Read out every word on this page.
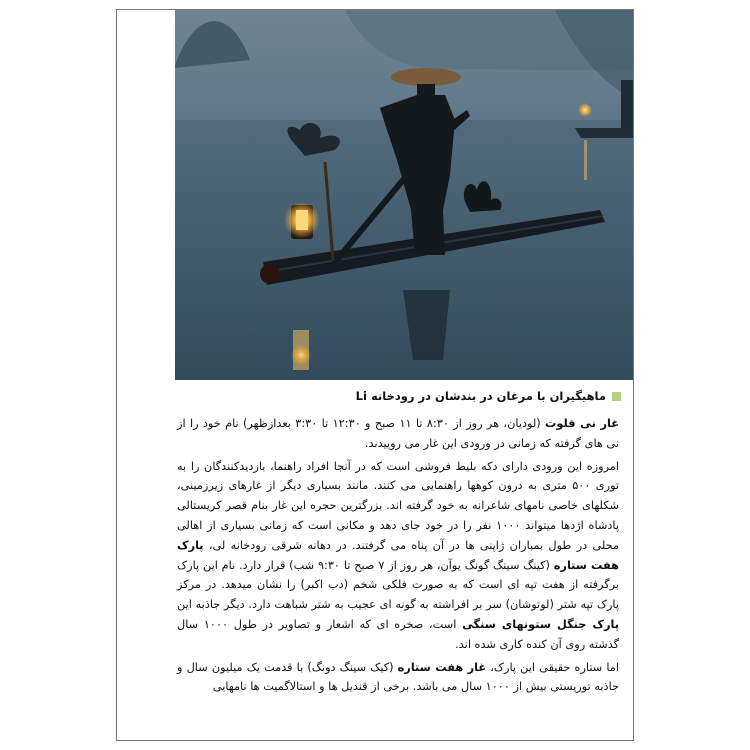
ماهیگیران با مرغان در بندشان در رودخانه Li

غار نی فلوت (لودیان، هر روز از ۸:۳۰ تا ۱۱ صبح و ۱۲:۳۰ تا ۳:۳۰ بعدازظهر) نام خود را از نی های گرفته که زمانی در ورودی این غار می روییدند.

امروزه این ورودی دارای دکه بلیط فروشی است که در آنجا افراد راهنما، بازدیدکنندگان را به توری ۵۰۰ متری به درون کوهها راهنمایی می کنند. مانند بسیاری دیگر از غارهای زیرزمینی، شکلهای خاصی نامهای شاعرانه به خود گرفته اند. بزرگترین حجره این غار بنام قصر کریستالی پادشاه اژدها میتواند ۱۰۰۰ نفر را در خود جای دهد و مکانی است که زمانی بسیاری از اهالی محلی در طول بمباران ژاپنی ها در آن پناه می گرفتند. در دهانه شرقی رودخانه لی، پارک هفت ستاره (کینگ سینگ گونگ یوآن، هر روز از ۷ صبح تا ۹:۳۰ شب) قرار دارد. نام این پارک برگرفته از هفت تپه ای است که به صورت فلکی شخم (دب اکبر) را نشان میدهد. در مرکز پارک تپه شتر (لوتوشان) سر بر افراشته به گونه ای عجیب به شتر شباهت دارد. دیگر جاذبه این پارک جنگل ستونهای سنگی است، صخره ای که اشعار و تصاویر در طول ۱۰۰۰ سال گذشته روی آن کنده کاری شده اند.

اما ستاره حقیقی این پارک، غار هفت ستاره (کیک سینگ دونگ) با قدمت یک میلیون سال و جاذبه توریستی بیش از ۱۰۰۰ سال می باشد. برخی از قندیل ها و استالاگمیت ها نامهایی
